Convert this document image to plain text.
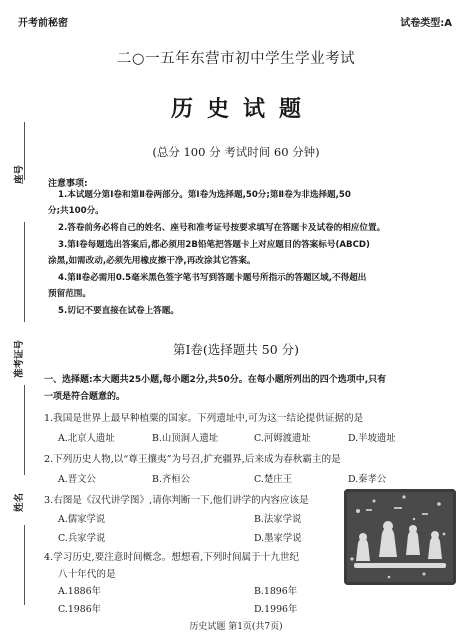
开考前秘密	试卷类型:A
二○一五年东营市初中学生学业考试
历史试题
(总分 100 分 考试时间 60 分钟)
座号
准考证号
姓名
注意事项:
1.本试题分第Ⅰ卷和第Ⅱ卷两部分。第Ⅰ卷为选择题,50分;第Ⅱ卷为非选择题,50
分;共100分。
2.答卷前务必将自己的姓名、座号和准考证号按要求填写在答题卡及试卷的相应位置。
3.第Ⅰ卷每题选出答案后,都必须用2B铅笔把答题卡上对应题目的答案标号(ABCD)
涂黑,如需改动,必须先用橡皮擦干净,再改涂其它答案。
4.第Ⅱ卷必需用0.5毫米黑色签字笔书写到答题卡题号所指示的答题区域,不得超出
预留范围。
5.切记不要直接在试卷上答题。
第Ⅰ卷(选择题共 50 分)
一、选择题:本大题共25小题,每小题2分,共50分。在每小题所列出的四个选项中,只有
一项是符合题意的。
1.我国是世界上最早种植粟的国家。下列遗址中,可为这一结论提供证据的是
A.北京人遗址	B.山顶洞人遗址	C.河姆渡遗址	D.半坡遗址
2.下列历史人物,以“尊王攘夷”为号召,扩充疆界,后来成为春秋霸主的是
A.晋文公	B.齐桓公	C.楚庄王	D.秦孝公
3.右图是《汉代讲学图》,请你判断一下,他们讲学的内容应该是
A.儒家学说	B.法家学说
C.兵家学说	D.墨家学说
4.学习历史,要注意时间概念。想想看,下列时间属于十九世纪
八十年代的是
A.1886年	B.1896年
C.1986年	D.1996年
历史试题 第1页(共7页)
